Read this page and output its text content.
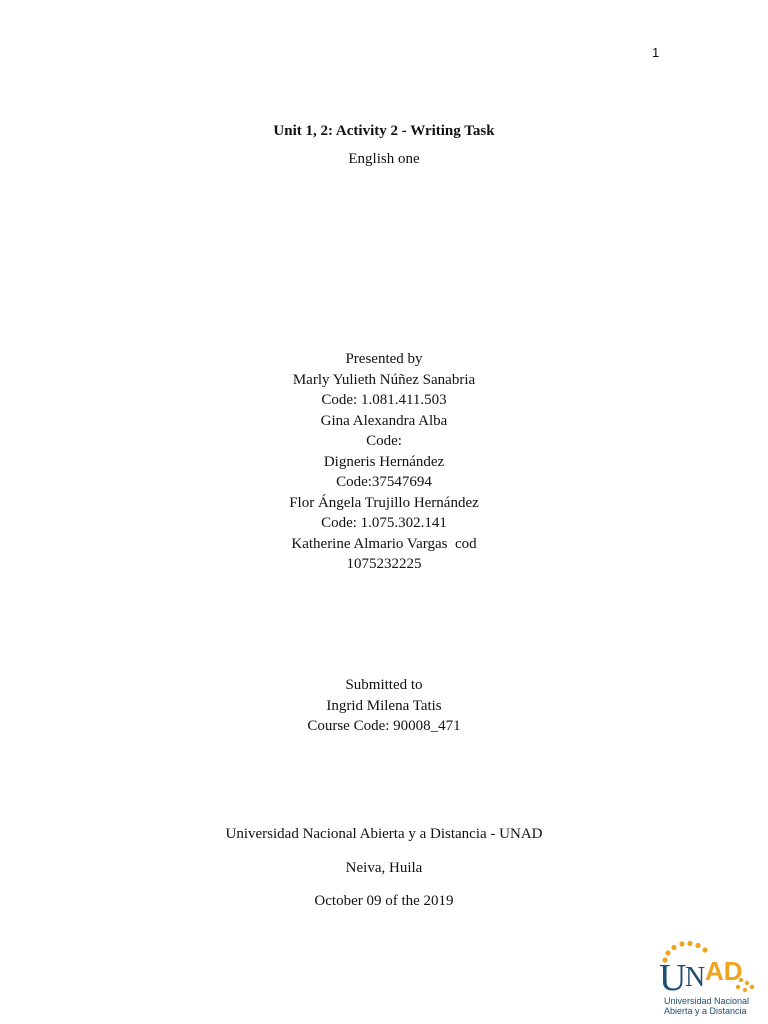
1
Unit 1, 2: Activity 2 - Writing Task
English one
Presented by
Marly Yulieth Núñez Sanabria
Code: 1.081.411.503
Gina Alexandra Alba
Code:
Digneris Hernández
Code:37547694
Flor Ángela Trujillo Hernández
Code: 1.075.302.141
Katherine Almario Vargas  cod
1075232225
Submitted to
Ingrid Milena Tatis
Course Code: 90008_471
Universidad Nacional Abierta y a Distancia - UNAD
Neiva, Huila
October 09 of the 2019
U
N AD
Universidad Nacional
Abierta y a Distancia
